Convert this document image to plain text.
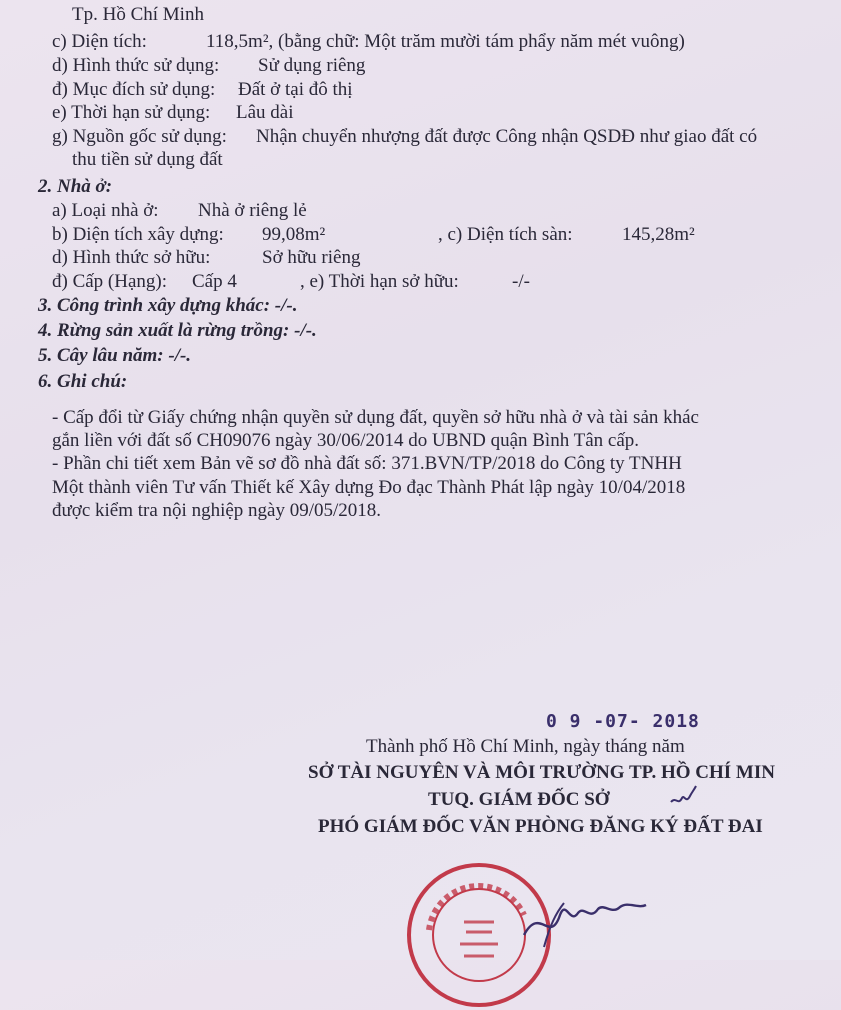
Tp. Hồ Chí Minh
c) Diện tích:	118,5m², (bằng chữ: Một trăm mười tám phẩy năm mét vuông)
d) Hình thức sử dụng: Sử dụng riêng
đ) Mục đích sử dụng: Đất ở tại đô thị
e) Thời hạn sử dụng: Lâu dài
g) Nguồn gốc sử dụng: Nhận chuyển nhượng đất được Công nhận QSDĐ như giao đất có
thu tiền sử dụng đất
2. Nhà ở:
a) Loại nhà ở: Nhà ở riêng lẻ
b) Diện tích xây dựng: 99,08m²	, c) Diện tích sàn:	145,28m²
d) Hình thức sở hữu:	Sở hữu riêng
đ) Cấp (Hạng): Cấp 4	, e) Thời hạn sở hữu:	-/-
3. Công trình xây dựng khác: -/-.
4. Rừng sản xuất là rừng trồng: -/-.
5. Cây lâu năm: -/-.
6. Ghi chú:
- Cấp đổi từ Giấy chứng nhận quyền sử dụng đất, quyền sở hữu nhà ở và tài sản khác
gắn liền với đất số CH09076 ngày 30/06/2014 do UBND quận Bình Tân cấp.
- Phần chi tiết xem Bản vẽ sơ đồ nhà đất số: 371.BVN/TP/2018 do Công ty TNHH
Một thành viên Tư vấn Thiết kế Xây dựng Đo đạc Thành Phát lập ngày 10/04/2018
được kiểm tra nội nghiệp ngày 09/05/2018.
0 9 -07- 2018
Thành phố Hồ Chí Minh, ngày tháng năm
SỞ TÀI NGUYÊN VÀ MÔI TRƯỜNG TP. HỒ CHÍ MIN
TUQ. GIÁM ĐỐC SỞ
PHÓ GIÁM ĐỐC VĂN PHÒNG ĐĂNG KÝ ĐẤT ĐAI
